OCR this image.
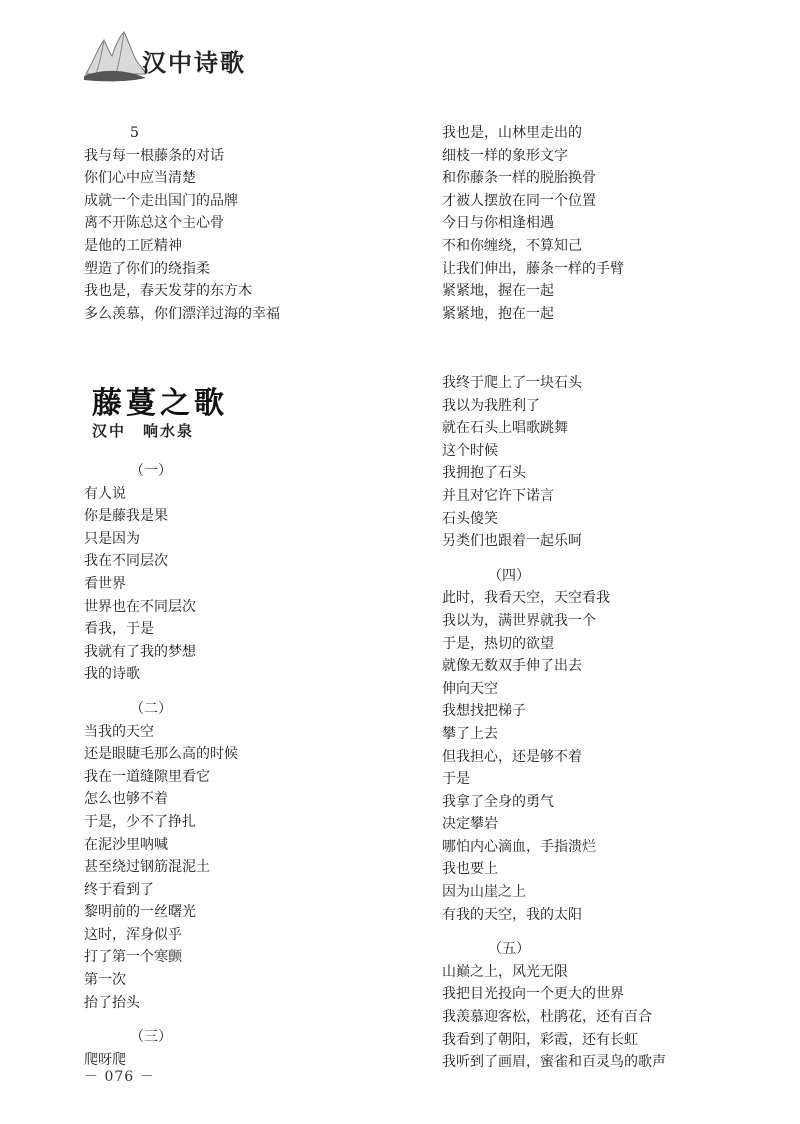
汉中诗歌
5
我与每一根藤条的对话
你们心中应当清楚
成就一个走出国门的品牌
离不开陈总这个主心骨
是他的工匠精神
塑造了你们的绕指柔
我也是，春天发芽的东方木
多么羡慕，你们漂洋过海的幸福
我也是，山林里走出的
细枝一样的象形文字
和你藤条一样的脱胎换骨
才被人摆放在同一个位置
今日与你相逢相遇
不和你缠绕，不算知己
让我们伸出，藤条一样的手臂
紧紧地，握在一起
紧紧地，抱在一起
藤蔓之歌
汉中　响水泉
（一）
有人说
你是藤我是果
只是因为
我在不同层次
看世界
世界也在不同层次
看我，于是
我就有了我的梦想
我的诗歌
（二）
当我的天空
还是眼睫毛那么高的时候
我在一道缝隙里看它
怎么也够不着
于是，少不了挣扎
在泥沙里呐喊
甚至绕过钢筋混泥土
终于看到了
黎明前的一丝曙光
这时，浑身似乎
打了第一个寒颤
第一次
抬了抬头
（三）
爬呀爬
我终于爬上了一块石头
我以为我胜利了
就在石头上唱歌跳舞
这个时候
我拥抱了石头
并且对它许下诺言
石头傻笑
另类们也跟着一起乐呵
（四）
此时，我看天空，天空看我
我以为，满世界就我一个
于是，热切的欲望
就像无数双手伸了出去
伸向天空
我想找把梯子
攀了上去
但我担心，还是够不着
于是
我拿了全身的勇气
决定攀岩
哪怕内心滴血，手指溃烂
我也要上
因为山崖之上
有我的天空，我的太阳
（五）
山巅之上，风光无限
我把目光投向一个更大的世界
我羡慕迎客松，杜鹃花，还有百合
我看到了朝阳，彩霞，还有长虹
我听到了画眉，蜜雀和百灵鸟的歌声
－ 076 －
